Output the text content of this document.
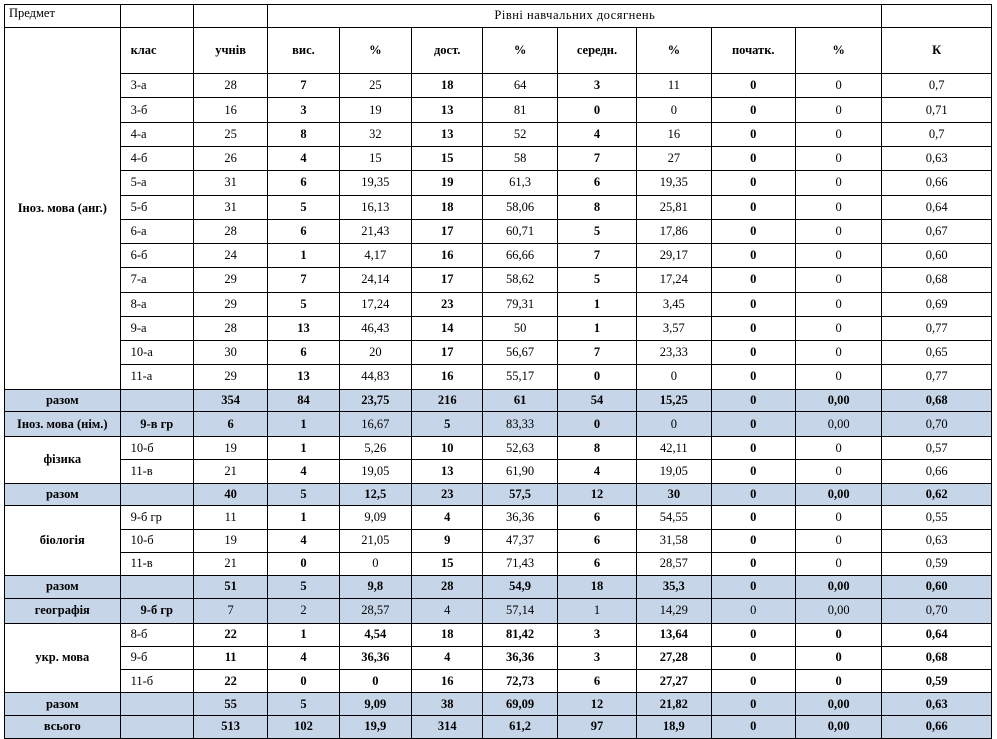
Предмет			Рівні навчальних досягнень								
Іноз. мова (анг.)	клас	учнів	вис.	%	дост.	%	середн.	%	початк.	%	К
	3-а	28	7	25	18	64	3	11	0	0	0,7
	3-б	16	3	19	13	81	0	0	0	0	0,71
	4-а	25	8	32	13	52	4	16	0	0	0,7
	4-б	26	4	15	15	58	7	27	0	0	0,63
	5-а	31	6	19,35	19	61,3	6	19,35	0	0	0,66
	5-б	31	5	16,13	18	58,06	8	25,81	0	0	0,64
	6-а	28	6	21,43	17	60,71	5	17,86	0	0	0,67
	6-б	24	1	4,17	16	66,66	7	29,17	0	0	0,60
	7-а	29	7	24,14	17	58,62	5	17,24	0	0	0,68
	8-а	29	5	17,24	23	79,31	1	3,45	0	0	0,69
	9-а	28	13	46,43	14	50	1	3,57	0	0	0,77
	10-а	30	6	20	17	56,67	7	23,33	0	0	0,65
	11-а	29	13	44,83	16	55,17	0	0	0	0	0,77
разом		354	84	23,75	216	61	54	15,25	0	0,00	0,68
Іноз. мова (нім.)	9-в гр	6	1	16,67	5	83,33	0	0	0	0,00	0,70
фізика	10-б	19	1	5,26	10	52,63	8	42,11	0	0	0,57
	11-в	21	4	19,05	13	61,90	4	19,05	0	0	0,66
разом		40	5	12,5	23	57,5	12	30	0	0,00	0,62
біологія	9-б гр	11	1	9,09	4	36,36	6	54,55	0	0	0,55
	10-б	19	4	21,05	9	47,37	6	31,58	0	0	0,63
	11-в	21	0	0	15	71,43	6	28,57	0	0	0,59
разом		51	5	9,8	28	54,9	18	35,3	0	0,00	0,60
географія	9-б гр	7	2	28,57	4	57,14	1	14,29	0	0,00	0,70
укр. мова	8-б	22	1	4,54	18	81,42	3	13,64	0	0	0,64
	9-б	11	4	36,36	4	36,36	3	27,28	0	0	0,68
	11-б	22	0	0	16	72,73	6	27,27	0	0	0,59
разом		55	5	9,09	38	69,09	12	21,82	0	0,00	0,63
всього		513	102	19,9	314	61,2	97	18,9	0	0,00	0,66
